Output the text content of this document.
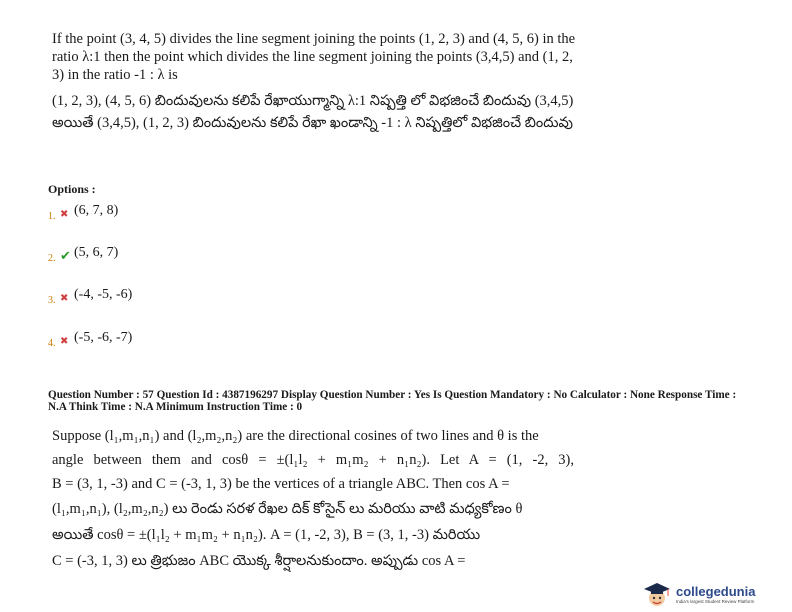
If the point (3, 4, 5) divides the line segment joining the points (1, 2, 3) and (4, 5, 6) in the ratio λ:1 then the point which divides the line segment joining the points (3,4,5) and (1, 2, 3) in the ratio -1 : λ is

(1, 2, 3), (4, 5, 6) బిందువులను కలిపే రేఖాయుగ్మాన్ని λ:1 నిష్పత్తి లో విభజించే బిందువు (3,4,5) అయితే (3,4,5), (1, 2, 3) బిందువులను కలిపే రేఖా ఖండాన్ని -1 : λ నిష్పత్తిలో విభజించే బిందువు

Options :
1. ✖ (6, 7, 8)
2. ✔ (5, 6, 7)
3. ✖ (-4, -5, -6)
4. ✖ (-5, -6, -7)
Question Number : 57 Question Id : 4387196297 Display Question Number : Yes Is Question Mandatory : No Calculator : None Response Time : N.A Think Time : N.A Minimum Instruction Time : 0

Suppose (l₁,m₁,n₁) and (l₂,m₂,n₂) are the directional cosines of two lines and θ is the

angle between them and cosθ = ±(l₁l₂ + m₁m₂ + n₁n₂). Let A = (1, -2, 3),

B = (3, 1, -3) and C = (-3, 1, 3) be the vertices of a triangle ABC. Then cos A =

(l₁,m₁,n₁), (l₂,m₂,n₂) లు రెండు సరళ రేఖల దిక్ కోసైన్ లు మరియు వాటి మధ్యకోణం θ

అయితే cosθ = ±(l₁l₂ + m₁m₂ + n₁n₂). A = (1, -2, 3), B = (3, 1, -3) మరియు

C = (-3, 1, 3) లు త్రిభుజం ABC యొక్క శీర్షాలనుకుందాం. అప్పుడు cos A =

collegedunia
India's largest Student Review Platform
